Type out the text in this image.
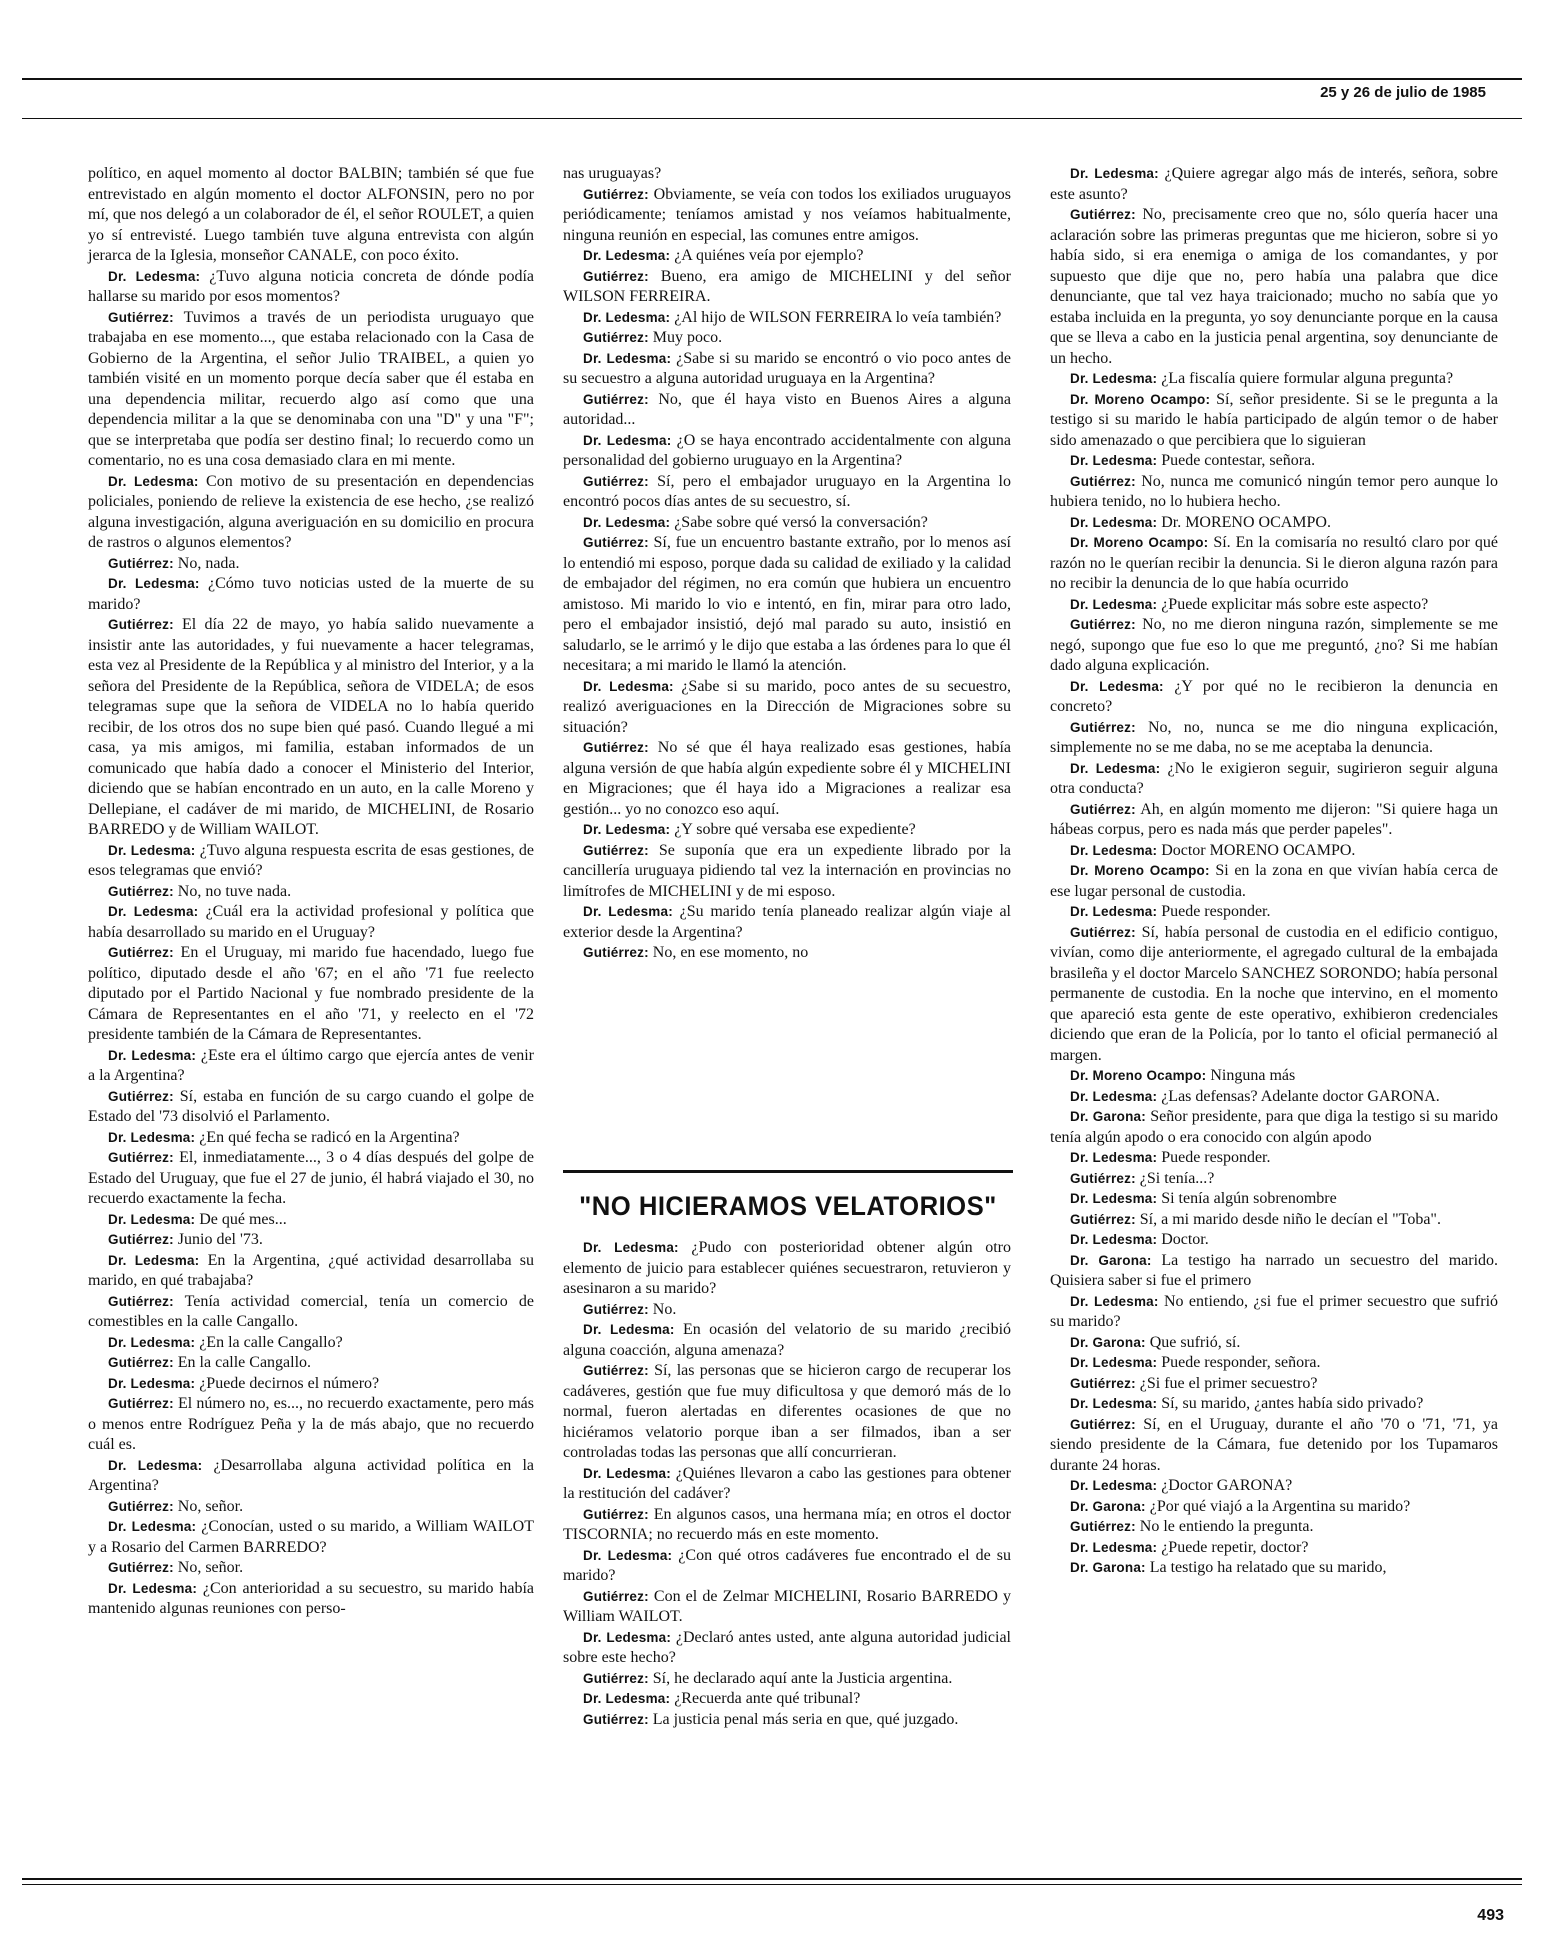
25 y 26 de julio de 1985

político, en aquel momento al doctor BALBIN; también sé que fue entrevistado en algún momento el doctor ALFONSIN, pero no por mí, que nos delegó a un colaborador de él, el señor ROULET, a quien yo sí entrevisté. Luego también tuve alguna entrevista con algún jerarca de la Iglesia, monseñor CANALE, con poco éxito.

Dr. Ledesma: ¿Tuvo alguna noticia concreta de dónde podía hallarse su marido por esos momentos?

Gutiérrez: Tuvimos a través de un periodista uruguayo que trabajaba en ese momento..., que estaba relacionado con la Casa de Gobierno de la Argentina, el señor Julio TRAIBEL, a quien yo también visité en un momento porque decía saber que él estaba en una dependencia militar, recuerdo algo así como que una dependencia militar a la que se denominaba con una "D" y una "F"; que se interpretaba que podía ser destino final; lo recuerdo como un comentario, no es una cosa demasiado clara en mi mente.

Dr. Ledesma: Con motivo de su presentación en dependencias policiales, poniendo de relieve la existencia de ese hecho, ¿se realizó alguna investigación, alguna averiguación en su domicilio en procura de rastros o algunos elementos?

Gutiérrez: No, nada.

Dr. Ledesma: ¿Cómo tuvo noticias usted de la muerte de su marido?

Gutiérrez: El día 22 de mayo, yo había salido nuevamente a insistir ante las autoridades, y fui nuevamente a hacer telegramas, esta vez al Presidente de la República y al ministro del Interior, y a la señora del Presidente de la República, señora de VIDELA; de esos telegramas supe que la señora de VIDELA no lo había querido recibir, de los otros dos no supe bien qué pasó. Cuando llegué a mi casa, ya mis amigos, mi familia, estaban informados de un comunicado que había dado a conocer el Ministerio del Interior, diciendo que se habían encontrado en un auto, en la calle Moreno y Dellepiane, el cadáver de mi marido, de MICHELINI, de Rosario BARREDO y de William WAILOT.

Dr. Ledesma: ¿Tuvo alguna respuesta escrita de esas gestiones, de esos telegramas que envió?

Gutiérrez: No, no tuve nada.

Dr. Ledesma: ¿Cuál era la actividad profesional y política que había desarrollado su marido en el Uruguay?

Gutiérrez: En el Uruguay, mi marido fue hacendado, luego fue político, diputado desde el año '67; en el año '71 fue reelecto diputado por el Partido Nacional y fue nombrado presidente de la Cámara de Representantes en el año '71, y reelecto en el '72 presidente también de la Cámara de Representantes.

Dr. Ledesma: ¿Este era el último cargo que ejercía antes de venir a la Argentina?

Gutiérrez: Sí, estaba en función de su cargo cuando el golpe de Estado del '73 disolvió el Parlamento.

Dr. Ledesma: ¿En qué fecha se radicó en la Argentina?

Gutiérrez: El, inmediatamente..., 3 o 4 días después del golpe de Estado del Uruguay, que fue el 27 de junio, él habrá viajado el 30, no recuerdo exactamente la fecha.

Dr. Ledesma: De qué mes...

Gutiérrez: Junio del '73.

Dr. Ledesma: En la Argentina, ¿qué actividad desarrollaba su marido, en qué trabajaba?

Gutiérrez: Tenía actividad comercial, tenía un comercio de comestibles en la calle Cangallo.

Dr. Ledesma: ¿En la calle Cangallo?

Gutiérrez: En la calle Cangallo.

Dr. Ledesma: ¿Puede decirnos el número?

Gutiérrez: El número no, es..., no recuerdo exactamente, pero más o menos entre Rodríguez Peña y la de más abajo, que no recuerdo cuál es.

Dr. Ledesma: ¿Desarrollaba alguna actividad política en la Argentina?

Gutiérrez: No, señor.

Dr. Ledesma: ¿Conocían, usted o su marido, a William WAILOT y a Rosario del Carmen BARREDO?

Gutiérrez: No, señor.

Dr. Ledesma: ¿Con anterioridad a su secuestro, su marido había mantenido algunas reuniones con perso-

nas uruguayas?

Gutiérrez: Obviamente, se veía con todos los exiliados uruguayos periódicamente; teníamos amistad y nos veíamos habitualmente, ninguna reunión en especial, las comunes entre amigos.

Dr. Ledesma: ¿A quiénes veía por ejemplo?

Gutiérrez: Bueno, era amigo de MICHELINI y del señor WILSON FERREIRA.

Dr. Ledesma: ¿Al hijo de WILSON FERREIRA lo veía también?

Gutiérrez: Muy poco.

Dr. Ledesma: ¿Sabe si su marido se encontró o vio poco antes de su secuestro a alguna autoridad uruguaya en la Argentina?

Gutiérrez: No, que él haya visto en Buenos Aires a alguna autoridad...

Dr. Ledesma: ¿O se haya encontrado accidentalmente con alguna personalidad del gobierno uruguayo en la Argentina?

Gutiérrez: Sí, pero el embajador uruguayo en la Argentina lo encontró pocos días antes de su secuestro, sí.

Dr. Ledesma: ¿Sabe sobre qué versó la conversación?

Gutiérrez: Sí, fue un encuentro bastante extraño, por lo menos así lo entendió mi esposo, porque dada su calidad de exiliado y la calidad de embajador del régimen, no era común que hubiera un encuentro amistoso. Mi marido lo vio e intentó, en fin, mirar para otro lado, pero el embajador insistió, dejó mal parado su auto, insistió en saludarlo, se le arrimó y le dijo que estaba a las órdenes para lo que él necesitara; a mi marido le llamó la atención.

Dr. Ledesma: ¿Sabe si su marido, poco antes de su secuestro, realizó averiguaciones en la Dirección de Migraciones sobre su situación?

Gutiérrez: No sé que él haya realizado esas gestiones, había alguna versión de que había algún expediente sobre él y MICHELINI en Migraciones; que él haya ido a Migraciones a realizar esa gestión... yo no conozco eso aquí.

Dr. Ledesma: ¿Y sobre qué versaba ese expediente?

Gutiérrez: Se suponía que era un expediente librado por la cancillería uruguaya pidiendo tal vez la internación en provincias no limítrofes de MICHELINI y de mi esposo.

Dr. Ledesma: ¿Su marido tenía planeado realizar algún viaje al exterior desde la Argentina?

Gutiérrez: No, en ese momento, no

"NO HICIERAMOS VELATORIOS"

Dr. Ledesma: ¿Pudo con posterioridad obtener algún otro elemento de juicio para establecer quiénes secuestraron, retuvieron y asesinaron a su marido?

Gutiérrez: No.

Dr. Ledesma: En ocasión del velatorio de su marido ¿recibió alguna coacción, alguna amenaza?

Gutiérrez: Sí, las personas que se hicieron cargo de recuperar los cadáveres, gestión que fue muy dificultosa y que demoró más de lo normal, fueron alertadas en diferentes ocasiones de que no hiciéramos velatorio porque iban a ser filmados, iban a ser controladas todas las personas que allí concurrieran.

Dr. Ledesma: ¿Quiénes llevaron a cabo las gestiones para obtener la restitución del cadáver?

Gutiérrez: En algunos casos, una hermana mía; en otros el doctor TISCORNIA; no recuerdo más en este momento.

Dr. Ledesma: ¿Con qué otros cadáveres fue encontrado el de su marido?

Gutiérrez: Con el de Zelmar MICHELINI, Rosario BARREDO y William WAILOT.

Dr. Ledesma: ¿Declaró antes usted, ante alguna autoridad judicial sobre este hecho?

Gutiérrez: Sí, he declarado aquí ante la Justicia argentina.

Dr. Ledesma: ¿Recuerda ante qué tribunal?

Gutiérrez: La justicia penal más seria en que, qué juzgado.

Dr. Ledesma: ¿Quiere agregar algo más de interés, señora, sobre este asunto?

Gutiérrez: No, precisamente creo que no, sólo quería hacer una aclaración sobre las primeras preguntas que me hicieron, sobre si yo había sido, si era enemiga o amiga de los comandantes, y por supuesto que dije que no, pero había una palabra que dice denunciante, que tal vez haya traicionado; mucho no sabía que yo estaba incluida en la pregunta, yo soy denunciante porque en la causa que se lleva a cabo en la justicia penal argentina, soy denunciante de un hecho.

Dr. Ledesma: ¿La fiscalía quiere formular alguna pregunta?

Dr. Moreno Ocampo: Sí, señor presidente. Si se le pregunta a la testigo si su marido le había participado de algún temor o de haber sido amenazado o que percibiera que lo siguieran

Dr. Ledesma: Puede contestar, señora.

Gutiérrez: No, nunca me comunicó ningún temor pero aunque lo hubiera tenido, no lo hubiera hecho.

Dr. Ledesma: Dr. MORENO OCAMPO.

Dr. Moreno Ocampo: Sí. En la comisaría no resultó claro por qué razón no le querían recibir la denuncia. Si le dieron alguna razón para no recibir la denuncia de lo que había ocurrido

Dr. Ledesma: ¿Puede explicitar más sobre este aspecto?

Gutiérrez: No, no me dieron ninguna razón, simplemente se me negó, supongo que fue eso lo que me preguntó, ¿no? Si me habían dado alguna explicación.

Dr. Ledesma: ¿Y por qué no le recibieron la denuncia en concreto?

Gutiérrez: No, no, nunca se me dio ninguna explicación, simplemente no se me daba, no se me aceptaba la denuncia.

Dr. Ledesma: ¿No le exigieron seguir, sugirieron seguir alguna otra conducta?

Gutiérrez: Ah, en algún momento me dijeron: "Si quiere haga un hábeas corpus, pero es nada más que perder papeles".

Dr. Ledesma: Doctor MORENO OCAMPO.

Dr. Moreno Ocampo: Si en la zona en que vivían había cerca de ese lugar personal de custodia.

Dr. Ledesma: Puede responder.

Gutiérrez: Sí, había personal de custodia en el edificio contiguo, vivían, como dije anteriormente, el agregado cultural de la embajada brasileña y el doctor Marcelo SANCHEZ SORONDO; había personal permanente de custodia. En la noche que intervino, en el momento que apareció esta gente de este operativo, exhibieron credenciales diciendo que eran de la Policía, por lo tanto el oficial permaneció al margen.

Dr. Moreno Ocampo: Ninguna más

Dr. Ledesma: ¿Las defensas? Adelante doctor GARONA.

Dr. Garona: Señor presidente, para que diga la testigo si su marido tenía algún apodo o era conocido con algún apodo

Dr. Ledesma: Puede responder.

Gutiérrez: ¿Si tenía...?

Dr. Ledesma: Si tenía algún sobrenombre

Gutiérrez: Sí, a mi marido desde niño le decían el "Toba".

Dr. Ledesma: Doctor.

Dr. Garona: La testigo ha narrado un secuestro del marido. Quisiera saber si fue el primero

Dr. Ledesma: No entiendo, ¿si fue el primer secuestro que sufrió su marido?

Dr. Garona: Que sufrió, sí.

Dr. Ledesma: Puede responder, señora.

Gutiérrez: ¿Si fue el primer secuestro?

Dr. Ledesma: Sí, su marido, ¿antes había sido privado?

Gutiérrez: Sí, en el Uruguay, durante el año '70 o '71, '71, ya siendo presidente de la Cámara, fue detenido por los Tupamaros durante 24 horas.

Dr. Ledesma: ¿Doctor GARONA?

Dr. Garona: ¿Por qué viajó a la Argentina su marido?

Gutiérrez: No le entiendo la pregunta.

Dr. Ledesma: ¿Puede repetir, doctor?

Dr. Garona: La testigo ha relatado que su marido,

493
